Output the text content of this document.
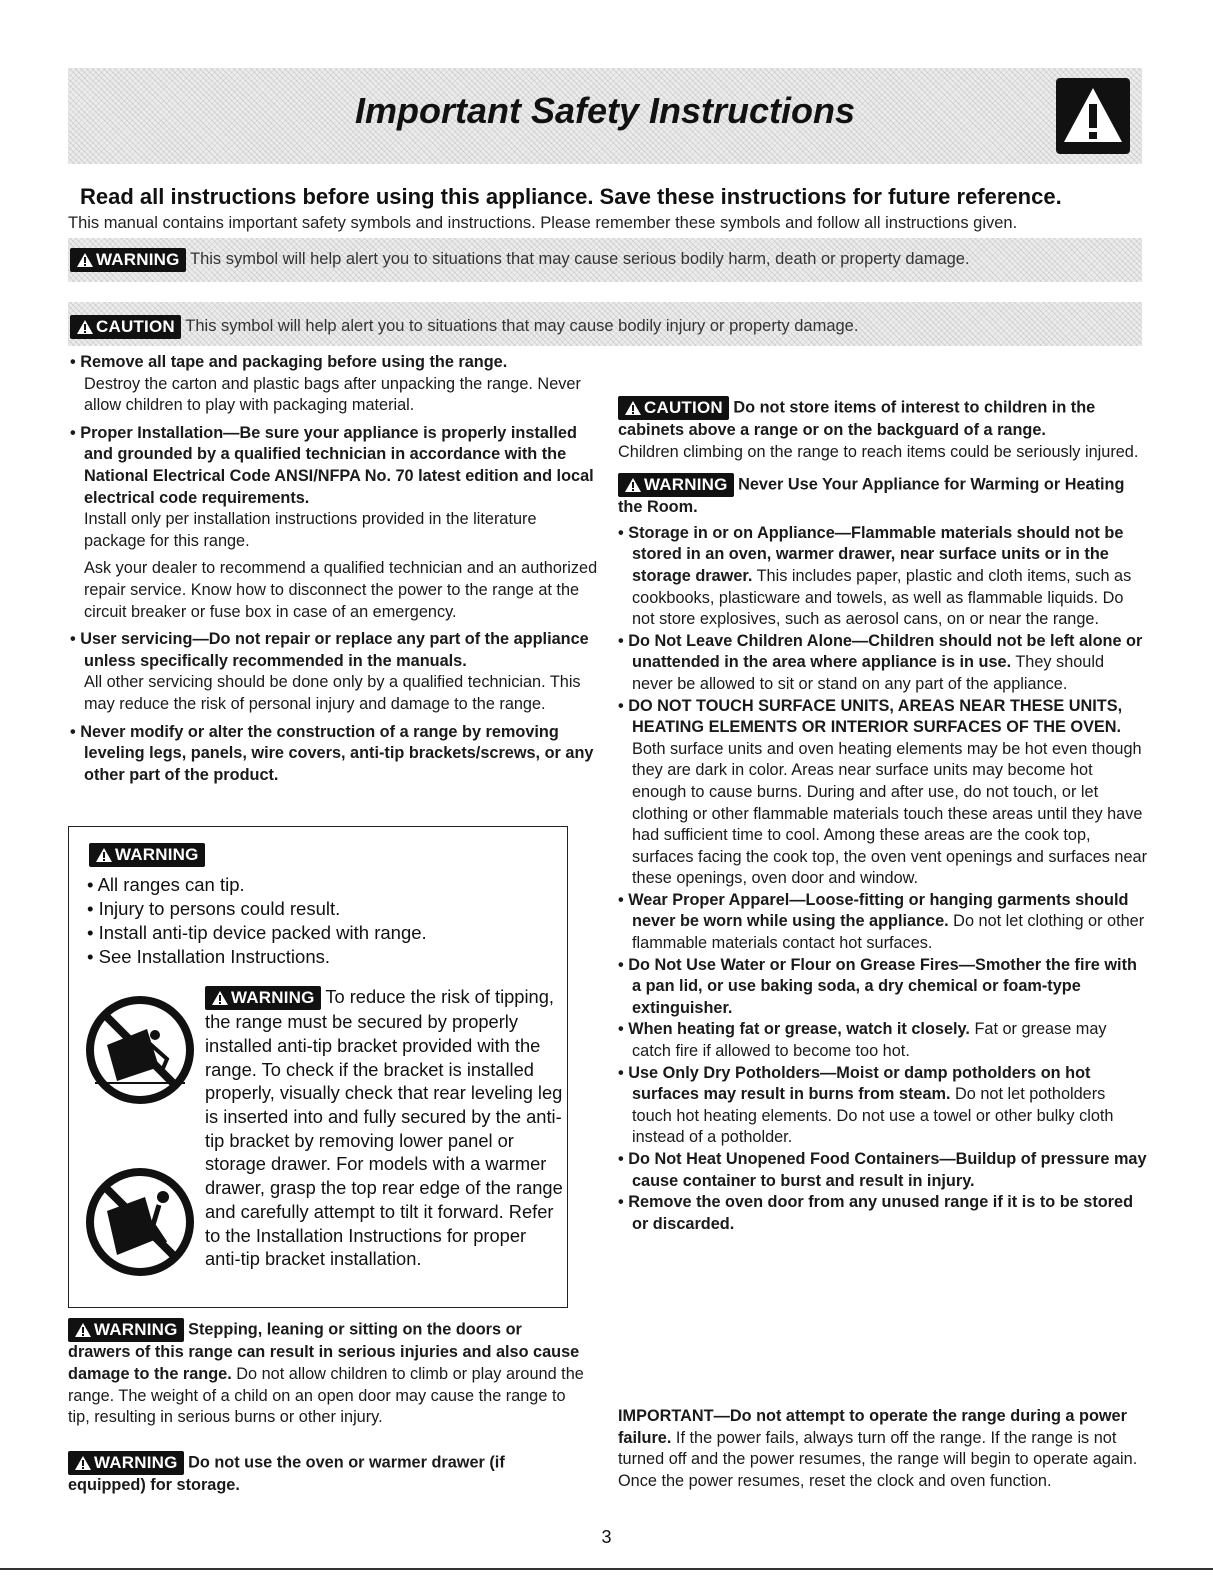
Important Safety Instructions
Read all instructions before using this appliance. Save these instructions for future reference.
This manual contains important safety symbols and instructions. Please remember these symbols and follow all instructions given.
WARNING This symbol will help alert you to situations that may cause serious bodily harm, death or property damage.
CAUTION This symbol will help alert you to situations that may cause bodily injury or property damage.

• Remove all tape and packaging before using the range.

Destroy the carton and plastic bags after unpacking the range. Never allow children to play with packaging material.

• Proper Installation—Be sure your appliance is properly installed and grounded by a qualified technician in accordance with the National Electrical Code ANSI/NFPA No. 70 latest edition and local electrical code requirements.

Install only per installation instructions provided in the literature package for this range.

Ask your dealer to recommend a qualified technician and an authorized repair service. Know how to disconnect the power to the range at the circuit breaker or fuse box in case of an emergency.

• User servicing—Do not repair or replace any part of the appliance unless specifically recommended in the manuals.

All other servicing should be done only by a qualified technician. This may reduce the risk of personal injury and damage to the range.

• Never modify or alter the construction of a range by removing leveling legs, panels, wire covers, anti-tip brackets/screws, or any other part of the product.

WARNING
• All ranges can tip.
• Injury to persons could result.
• Install anti-tip device packed with range.
• See Installation Instructions.
WARNING To reduce the risk of tipping, the range must be secured by properly installed anti-tip bracket provided with the range. To check if the bracket is installed properly, visually check that rear leveling leg is inserted into and fully secured by the anti-tip bracket by removing lower panel or storage drawer. For models with a warmer drawer, grasp the top rear edge of the range and carefully attempt to tilt it forward. Refer to the Installation Instructions for proper anti-tip bracket installation.

WARNING Stepping, leaning or sitting on the doors or drawers of this range can result in serious injuries and also cause damage to the range. Do not allow children to climb or play around the range. The weight of a child on an open door may cause the range to tip, resulting in serious burns or other injury.

WARNING Do not use the oven or warmer drawer (if equipped) for storage.

CAUTION Do not store items of interest to children in the cabinets above a range or on the backguard of a range.
Children climbing on the range to reach items could be seriously injured.

WARNING Never Use Your Appliance for Warming or Heating the Room.

• Storage in or on Appliance—Flammable materials should not be stored in an oven, warmer drawer, near surface units or in the storage drawer. This includes paper, plastic and cloth items, such as cookbooks, plasticware and towels, as well as flammable liquids. Do not store explosives, such as aerosol cans, on or near the range.

• Do Not Leave Children Alone—Children should not be left alone or unattended in the area where appliance is in use. They should never be allowed to sit or stand on any part of the appliance.

• DO NOT TOUCH SURFACE UNITS, AREAS NEAR THESE UNITS, HEATING ELEMENTS OR INTERIOR SURFACES OF THE OVEN. Both surface units and oven heating elements may be hot even though they are dark in color. Areas near surface units may become hot enough to cause burns. During and after use, do not touch, or let clothing or other flammable materials touch these areas until they have had sufficient time to cool. Among these areas are the cook top, surfaces facing the cook top, the oven vent openings and surfaces near these openings, oven door and window.

• Wear Proper Apparel—Loose-fitting or hanging garments should never be worn while using the appliance. Do not let clothing or other flammable materials contact hot surfaces.

• Do Not Use Water or Flour on Grease Fires—Smother the fire with a pan lid, or use baking soda, a dry chemical or foam-type extinguisher.

• When heating fat or grease, watch it closely. Fat or grease may catch fire if allowed to become too hot.

• Use Only Dry Potholders—Moist or damp potholders on hot surfaces may result in burns from steam. Do not let potholders touch hot heating elements. Do not use a towel or other bulky cloth instead of a potholder.

• Do Not Heat Unopened Food Containers—Buildup of pressure may cause container to burst and result in injury.

• Remove the oven door from any unused range if it is to be stored or discarded.

IMPORTANT—Do not attempt to operate the range during a power failure. If the power fails, always turn off the range. If the range is not turned off and the power resumes, the range will begin to operate again. Once the power resumes, reset the clock and oven function.

3
